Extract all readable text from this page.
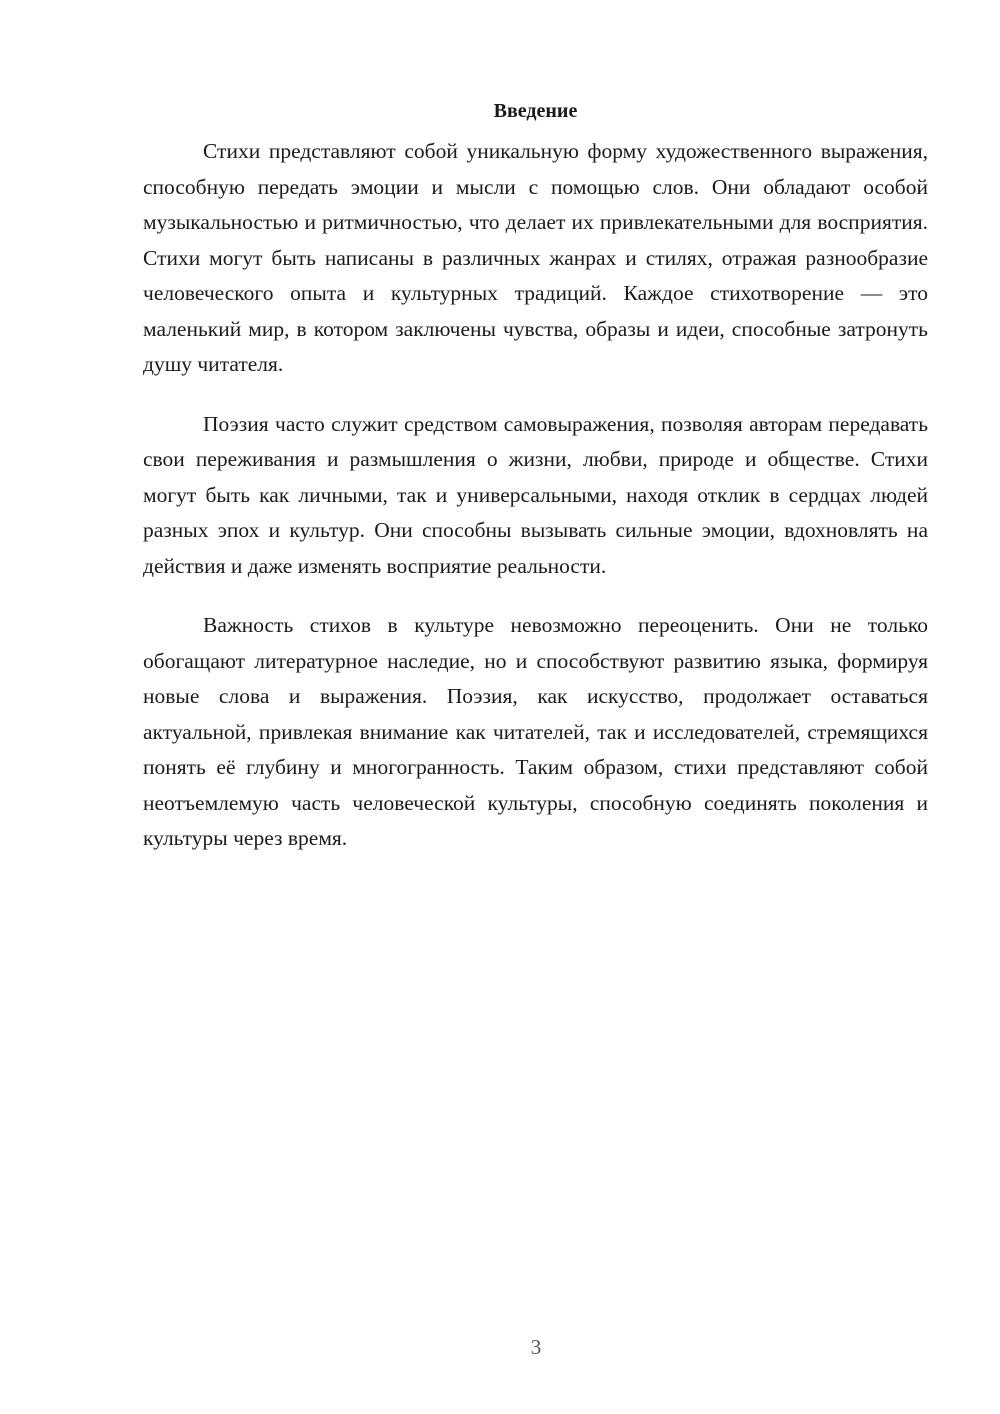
Введение

Стихи представляют собой уникальную форму художественного выражения, способную передать эмоции и мысли с помощью слов. Они обладают особой музыкальностью и ритмичностью, что делает их привлекательными для восприятия. Стихи могут быть написаны в различных жанрах и стилях, отражая разнообразие человеческого опыта и культурных традиций. Каждое стихотворение — это маленький мир, в котором заключены чувства, образы и идеи, способные затронуть душу читателя.

Поэзия часто служит средством самовыражения, позволяя авторам передавать свои переживания и размышления о жизни, любви, природе и обществе. Стихи могут быть как личными, так и универсальными, находя отклик в сердцах людей разных эпох и культур. Они способны вызывать сильные эмоции, вдохновлять на действия и даже изменять восприятие реальности.

Важность стихов в культуре невозможно переоценить. Они не только обогащают литературное наследие, но и способствуют развитию языка, формируя новые слова и выражения. Поэзия, как искусство, продолжает оставаться актуальной, привлекая внимание как читателей, так и исследователей, стремящихся понять её глубину и многогранность. Таким образом, стихи представляют собой неотъемлемую часть человеческой культуры, способную соединять поколения и культуры через время.

3
